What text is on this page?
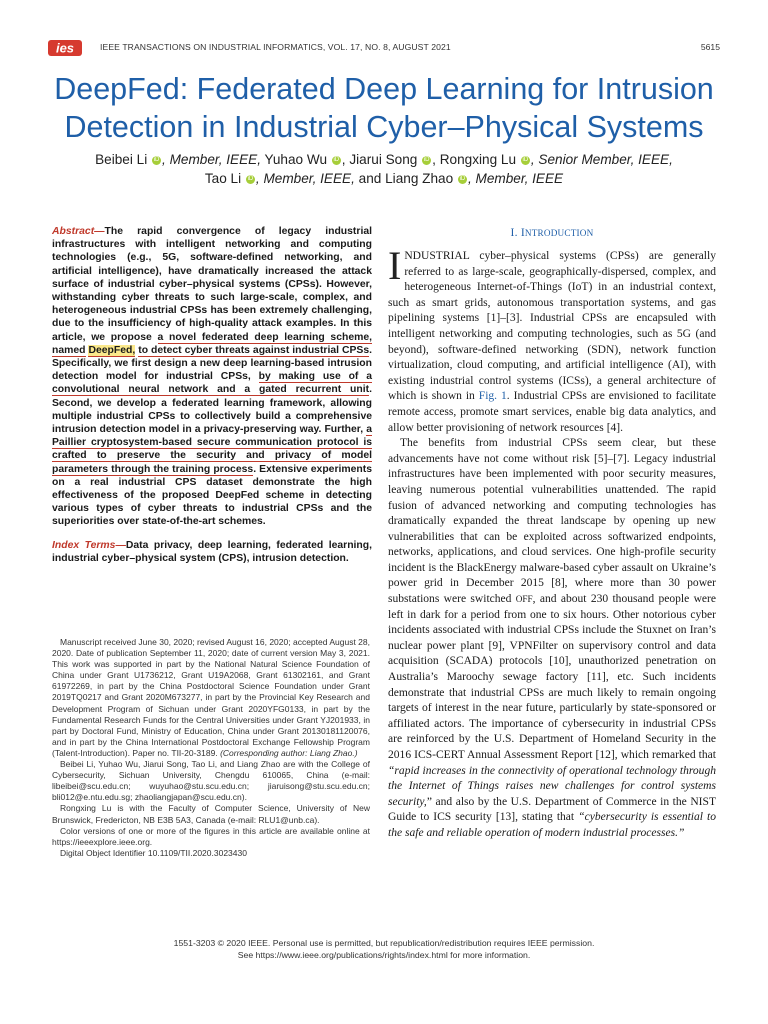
ies	IEEE TRANSACTIONS ON INDUSTRIAL INFORMATICS, VOL. 17, NO. 8, AUGUST 2021	5615
DeepFed: Federated Deep Learning for Intrusion
Detection in Industrial Cyber–Physical Systems
Beibei Li iD , Member, IEEE, Yuhao Wu iD , Jiarui Song iD , Rongxing Lu iD , Senior Member, IEEE,
Tao Li iD , Member, IEEE, and Liang Zhao iD , Member, IEEE

Abstract—The rapid convergence of legacy industrial infrastructures with intelligent networking and computing technologies (e.g., 5G, software-defined networking, and artificial intelligence), have dramatically increased the attack surface of industrial cyber–physical systems (CPSs). However, withstanding cyber threats to such large-scale, complex, and heterogeneous industrial CPSs has been extremely challenging, due to the insufficiency of high-quality attack examples. In this article, we propose a novel federated deep learning scheme, named DeepFed, to detect cyber threats against industrial CPSs. Specifically, we first design a new deep learning-based intrusion detection model for industrial CPSs, by making use of a convolutional neural network and a gated recurrent unit. Second, we develop a federated learning framework, allowing multiple industrial CPSs to collectively build a comprehensive intrusion detection model in a privacy-preserving way. Further, a Paillier cryptosystem-based secure communication protocol is crafted to preserve the security and privacy of model parameters through the training process. Extensive experiments on a real industrial CPS dataset demonstrate the high effectiveness of the proposed DeepFed scheme in detecting various types of cyber threats to industrial CPSs and the superiorities over state-of-the-art schemes.

Index Terms—Data privacy, deep learning, federated learning, industrial cyber–physical system (CPS), intrusion detection.

Manuscript received June 30, 2020; revised August 16, 2020; accepted August 28, 2020. Date of publication September 11, 2020; date of current version May 3, 2021. This work was supported in part by the National Natural Science Foundation of China under Grant U1736212, Grant U19A2068, Grant 61302161, and Grant 61972269, in part by the China Postdoctoral Science Foundation under Grant 2019TQ0217 and Grant 2020M673277, in part by the Provincial Key Research and Development Program of Sichuan under Grant 2020YFG0133, in part by the Fundamental Research Funds for the Central Universities under Grant YJ201933, in part by Doctoral Fund, Ministry of Education, China under Grant 20130181120076, and in part by the China International Postdoctoral Exchange Fellowship Program (Talent-Introduction). Paper no. TII-20-3189. (Corresponding author: Liang Zhao.)

Beibei Li, Yuhao Wu, Jiarui Song, Tao Li, and Liang Zhao are with the College of Cybersecurity, Sichuan University, Chengdu 610065, China (e-mail: libeibei@scu.edu.cn; wuyuhao@stu.scu.edu.cn; jiaruisong@stu.scu.edu.cn; bli012@e.ntu.edu.sg; zhaoliangjapan@scu.edu.cn).

Rongxing Lu is with the Faculty of Computer Science, University of New Brunswick, Fredericton, NB E3B 5A3, Canada (e-mail: RLU1@unb.ca).

Color versions of one or more of the figures in this article are available online at https://ieeexplore.ieee.org.

Digital Object Identifier 10.1109/TII.2020.3023430

I. INTRODUCTION

INDUSTRIAL cyber–physical systems (CPSs) are generally referred to as large-scale, geographically-dispersed, complex, and heterogeneous Internet-of-Things (IoT) in an industrial context, such as smart grids, autonomous transportation systems, and gas pipelining systems [1]–[3]. Industrial CPSs are encapsuled with intelligent networking and computing technologies, such as 5G (and beyond), software-defined networking (SDN), network function virtualization, cloud computing, and artificial intelligence (AI), with existing industrial control systems (ICSs), a general architecture of which is shown in Fig. 1. Industrial CPSs are envisioned to facilitate remote access, promote smart services, enable big data analytics, and allow better provisioning of network resources [4].

The benefits from industrial CPSs seem clear, but these advancements have not come without risk [5]–[7]. Legacy industrial infrastructures have been implemented with poor security measures, leaving numerous potential vulnerabilities unattended. The rapid fusion of advanced networking and computing technologies has dramatically expanded the threat landscape by opening up new vulnerabilities that can be exploited across softwarized endpoints, networks, applications, and cloud services. One high-profile security incident is the BlackEnergy malware-based cyber assault on Ukraine’s power grid in December 2015 [8], where more than 30 power substations were switched OFF, and about 230 thousand people were left in dark for a period from one to six hours. Other notorious cyber incidents associated with industrial CPSs include the Stuxnet on Iran’s nuclear power plant [9], VPNFilter on supervisory control and data acquisition (SCADA) protocols [10], unauthorized penetration on Australia’s Maroochy sewage factory [11], etc. Such incidents demonstrate that industrial CPSs are much likely to remain ongoing targets of interest in the near future, particularly by state-sponsored or affiliated actors. The importance of cybersecurity in industrial CPSs are reinforced by the U.S. Department of Homeland Security in the 2016 ICS-CERT Annual Assessment Report [12], which remarked that “rapid increases in the connectivity of operational technology through the Internet of Things raises new challenges for control systems security,” and also by the U.S. Department of Commerce in the NIST Guide to ICS security [13], stating that “cybersecurity is essential to the safe and reliable operation of modern industrial processes.”

1551-3203 © 2020 IEEE. Personal use is permitted, but republication/redistribution requires IEEE permission.
See https://www.ieee.org/publications/rights/index.html for more information.
